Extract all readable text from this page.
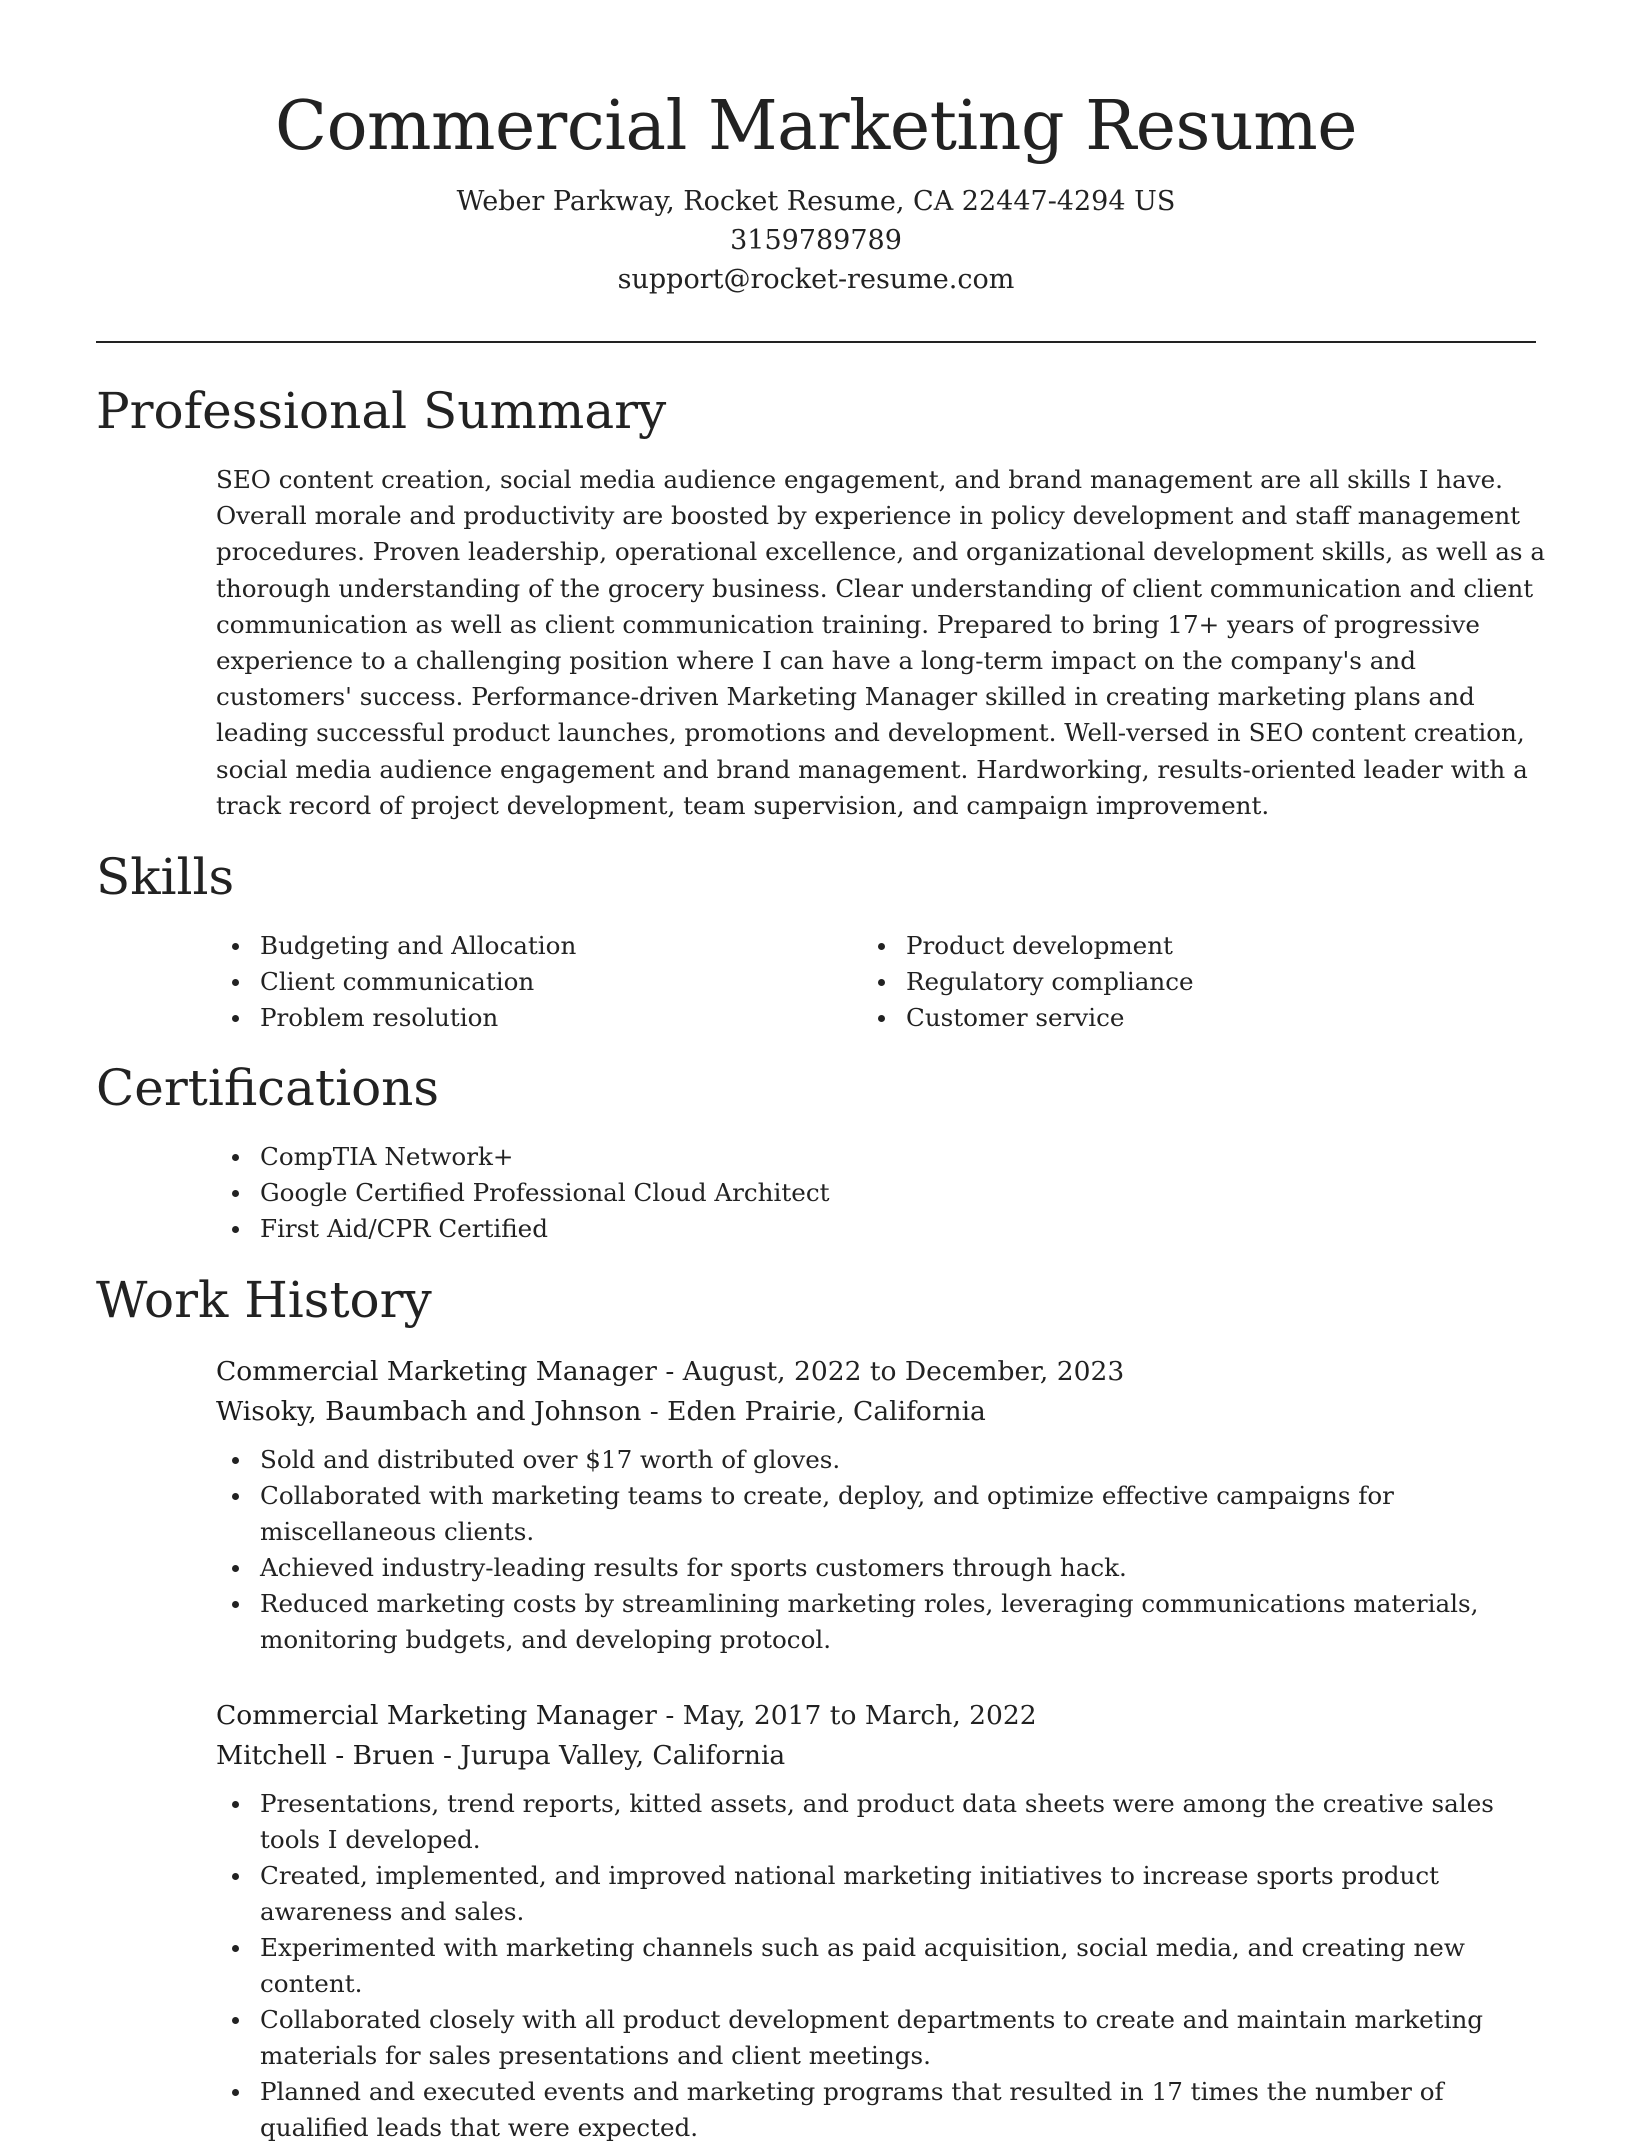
Commercial Marketing Resume
Weber Parkway, Rocket Resume, CA 22447-4294 US
3159789789
support@rocket-resume.com
Professional Summary

SEO content creation, social media audience engagement, and brand management are all skills I have. Overall morale and productivity are boosted by experience in policy development and staff management procedures. Proven leadership, operational excellence, and organizational development skills, as well as a thorough understanding of the grocery business. Clear understanding of client communication and client communication as well as client communication training. Prepared to bring 17+ years of progressive experience to a challenging position where I can have a long-term impact on the company's and customers' success. Performance-driven Marketing Manager skilled in creating marketing plans and leading successful product launches, promotions and development. Well-versed in SEO content creation, social media audience engagement and brand management. Hardworking, results-oriented leader with a track record of project development, team supervision, and campaign improvement.

Skills
Budgeting and Allocation
Client communication
Problem resolution
Product development
Regulatory compliance
Customer service
Certifications
CompTIA Network+
Google Certified Professional Cloud Architect
First Aid/CPR Certified
Work History
Commercial Marketing Manager - August, 2022 to December, 2023
Wisoky, Baumbach and Johnson - Eden Prairie, California
Sold and distributed over $17 worth of gloves.
Collaborated with marketing teams to create, deploy, and optimize effective campaigns for miscellaneous clients.
Achieved industry-leading results for sports customers through hack.
Reduced marketing costs by streamlining marketing roles, leveraging communications materials, monitoring budgets, and developing protocol.
Commercial Marketing Manager - May, 2017 to March, 2022
Mitchell - Bruen - Jurupa Valley, California
Presentations, trend reports, kitted assets, and product data sheets were among the creative sales tools I developed.
Created, implemented, and improved national marketing initiatives to increase sports product awareness and sales.
Experimented with marketing channels such as paid acquisition, social media, and creating new content.
Collaborated closely with all product development departments to create and maintain marketing materials for sales presentations and client meetings.
Planned and executed events and marketing programs that resulted in 17 times the number of qualified leads that were expected.
